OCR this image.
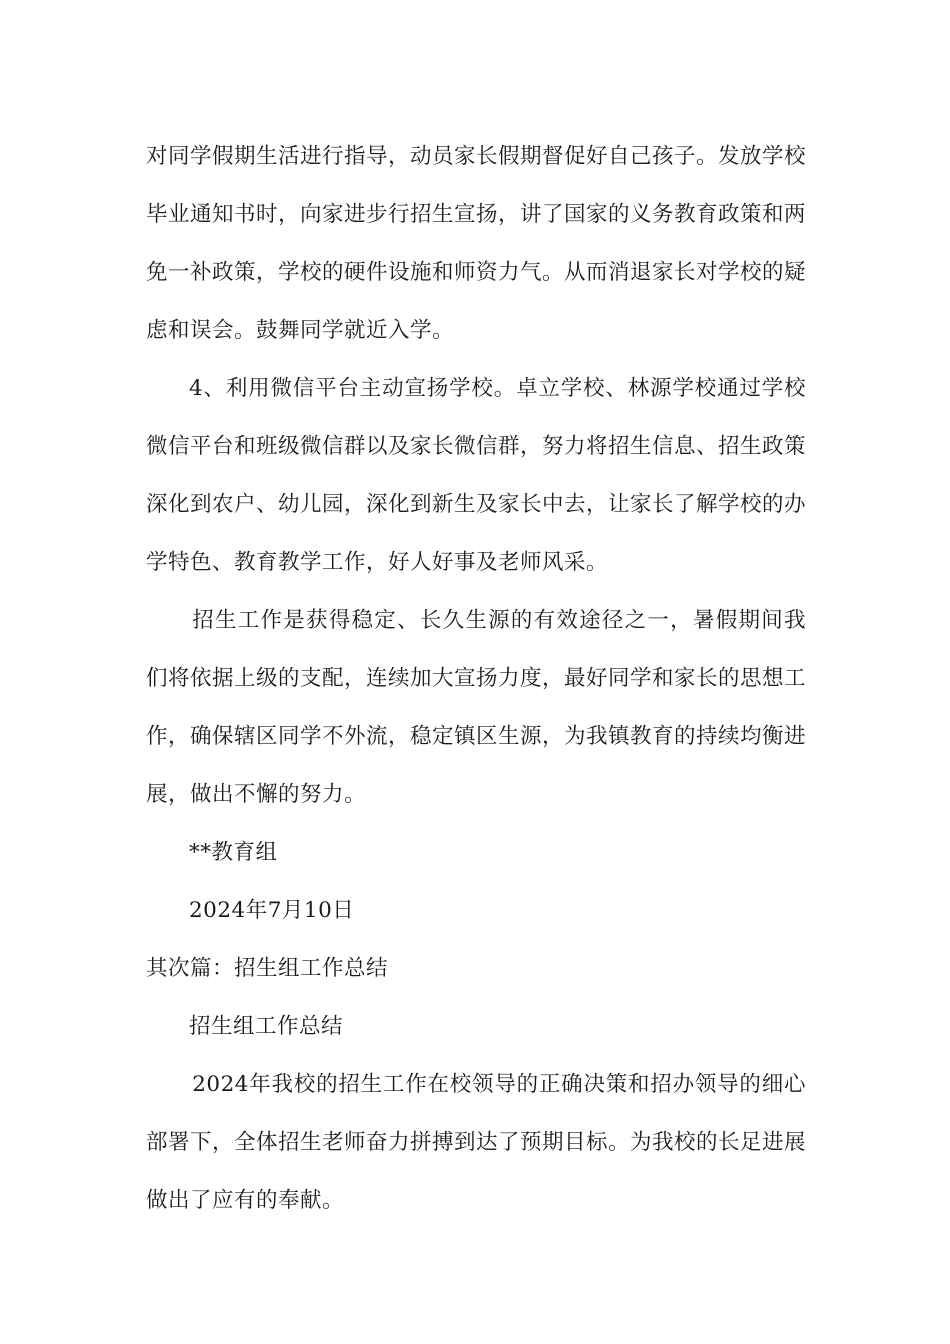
对同学假期生活进行指导，动员家长假期督促好自己孩子。发放学校毕业通知书时，向家进步行招生宣扬，讲了国家的义务教育政策和两免一补政策，学校的硬件设施和师资力气。从而消退家长对学校的疑虑和误会。鼓舞同学就近入学。

4、利用微信平台主动宣扬学校。卓立学校、林源学校通过学校微信平台和班级微信群以及家长微信群，努力将招生信息、招生政策深化到农户、幼儿园，深化到新生及家长中去，让家长了解学校的办学特色、教育教学工作，好人好事及老师风采。

招生工作是获得稳定、长久生源的有效途径之一，暑假期间我们将依据上级的支配，连续加大宣扬力度，最好同学和家长的思想工作，确保辖区同学不外流，稳定镇区生源，为我镇教育的持续均衡进展，做出不懈的努力。

**教育组

2024年7月10日

其次篇：招生组工作总结

招生组工作总结

2024年我校的招生工作在校领导的正确决策和招办领导的细心部署下，全体招生老师奋力拼搏到达了预期目标。为我校的长足进展做出了应有的奉献。
